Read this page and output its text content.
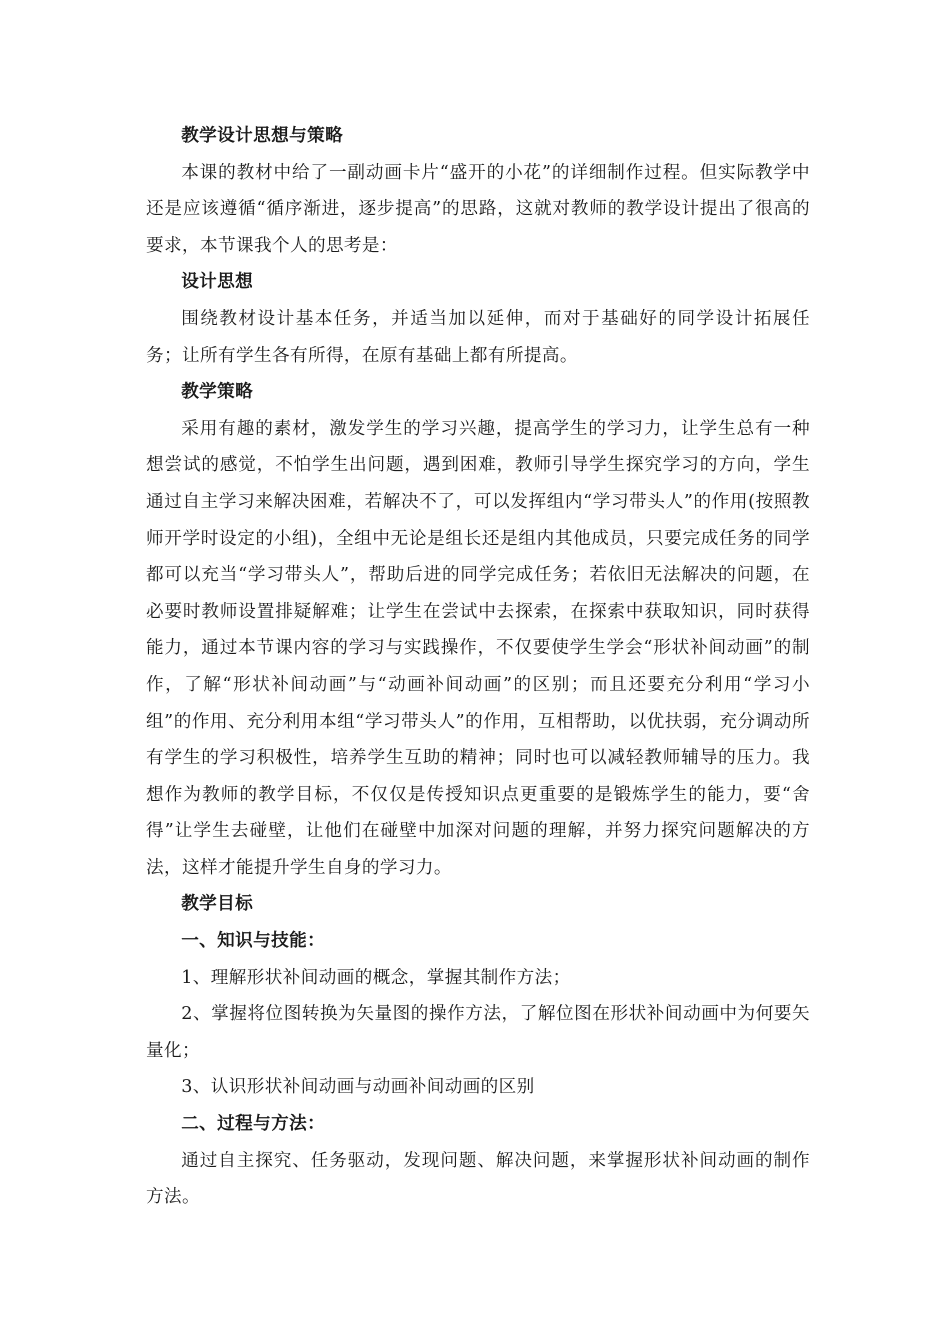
教学设计思想与策略

本课的教材中给了一副动画卡片“盛开的小花”的详细制作过程。但实际教学中还是应该遵循“循序渐进，逐步提高”的思路，这就对教师的教学设计提出了很高的要求，本节课我个人的思考是：

设计思想

围绕教材设计基本任务，并适当加以延伸，而对于基础好的同学设计拓展任务；让所有学生各有所得，在原有基础上都有所提高。

教学策略

采用有趣的素材，激发学生的学习兴趣，提高学生的学习力，让学生总有一种想尝试的感觉，不怕学生出问题，遇到困难，教师引导学生探究学习的方向，学生通过自主学习来解决困难，若解决不了，可以发挥组内“学习带头人”的作用(按照教师开学时设定的小组)，全组中无论是组长还是组内其他成员，只要完成任务的同学都可以充当“学习带头人”，帮助后进的同学完成任务；若依旧无法解决的问题，在必要时教师设置排疑解难；让学生在尝试中去探索，在探索中获取知识，同时获得能力，通过本节课内容的学习与实践操作，不仅要使学生学会“形状补间动画”的制作，了解“形状补间动画”与“动画补间动画”的区别；而且还要充分利用“学习小组”的作用、充分利用本组“学习带头人”的作用，互相帮助，以优扶弱，充分调动所有学生的学习积极性，培养学生互助的精神；同时也可以减轻教师辅导的压力。我想作为教师的教学目标，不仅仅是传授知识点更重要的是锻炼学生的能力，要“舍得”让学生去碰壁，让他们在碰壁中加深对问题的理解，并努力探究问题解决的方法，这样才能提升学生自身的学习力。

教学目标

一、知识与技能：

1、理解形状补间动画的概念，掌握其制作方法；

2、掌握将位图转换为矢量图的操作方法，了解位图在形状补间动画中为何要矢量化；

3、认识形状补间动画与动画补间动画的区别

二、过程与方法：

通过自主探究、任务驱动，发现问题、解决问题，来掌握形状补间动画的制作方法。
